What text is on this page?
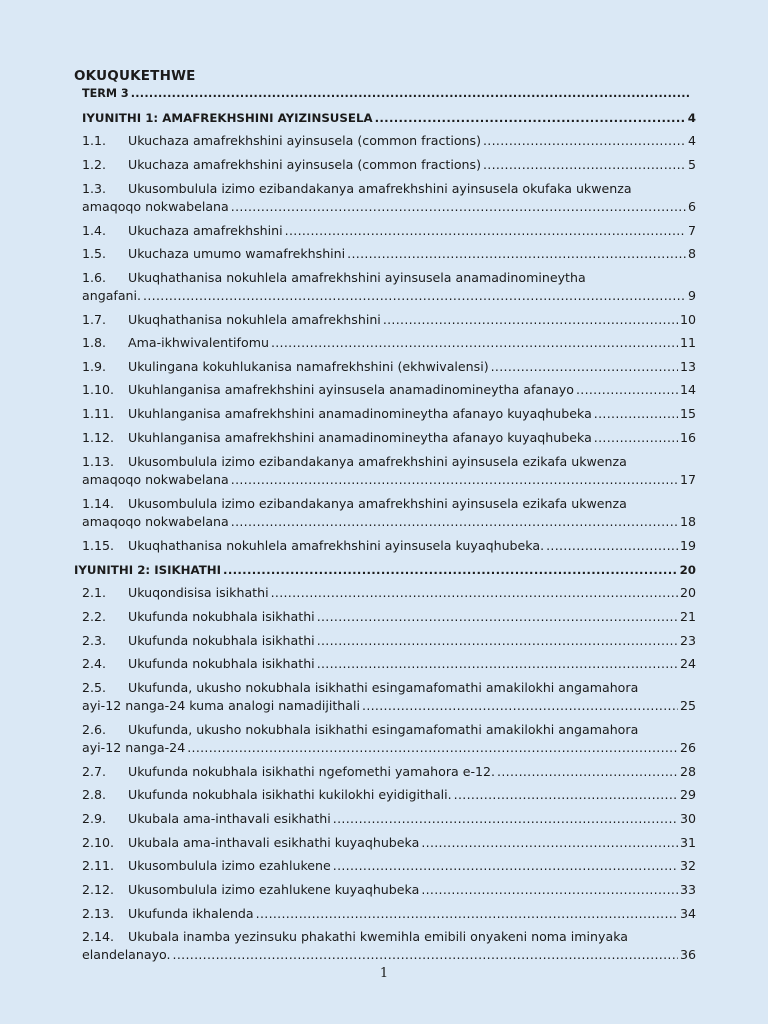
OKUQUKETHWE
TERM 3
.....
IYUNITHI 1: AMAFREKHSHINI AYIZINSUSELA .....	4
1.1.	Ukuchaza amafrekhshini ayinsusela (common fractions) .....	4
1.2.	Ukuchaza amafrekhshini ayinsusela (common fractions) .....	5
1.3. Ukusombulula izimo ezibandakanya amafrekhshini ayinsusela okufaka ukwenza
amaqoqo nokwabelana .....	6
1.4.	Ukuchaza amafrekhshini .....	7
1.5.	Ukuchaza umumo wamafrekhshini .....	8
1.6. Ukuqhathanisa nokuhlela amafrekhshini ayinsusela anamadinomineytha
angafani. .....	9
1.7.	Ukuqhathanisa nokuhlela amafrekhshini .....	10
1.8.	Ama-ikhwivalentifomu .....	11
1.9.	Ukulingana kokuhlukanisa namafrekhshini (ekhwivalensi) .....	13
1.10.	Ukuhlanganisa amafrekhshini ayinsusela anamadinomineytha afanayo .....	14
1.11.	Ukuhlanganisa amafrekhshini anamadinomineytha afanayo kuyaqhubeka .....	15
1.12.	Ukuhlanganisa amafrekhshini anamadinomineytha afanayo kuyaqhubeka .....	16
1.13. Ukusombulula izimo ezibandakanya amafrekhshini ayinsusela ezikafa ukwenza
amaqoqo nokwabelana .....	17
1.14. Ukusombulula izimo ezibandakanya amafrekhshini ayinsusela ezikafa ukwenza
amaqoqo nokwabelana .....	18
1.15.	Ukuqhathanisa nokuhlela amafrekhshini ayinsusela kuyaqhubeka. .....	19
IYUNITHI 2: ISIKHATHI .....	20
2.1.	Ukuqondisisa isikhathi .....	20
2.2.	Ukufunda nokubhala isikhathi .....	21
2.3.	Ukufunda nokubhala isikhathi .....	23
2.4.	Ukufunda nokubhala isikhathi .....	24
2.5. Ukufunda, ukusho nokubhala isikhathi esingamafomathi amakilokhi angamahora
ayi-12 nanga-24 kuma analogi namadijithali .....	25
2.6. Ukufunda, ukusho nokubhala isikhathi esingamafomathi amakilokhi angamahora
ayi-12 nanga-24 .....	26
2.7.	Ukufunda nokubhala isikhathi ngefomethi yamahora e-12. .....	28
2.8.	Ukufunda nokubhala isikhathi kukilokhi eyidigithali. .....	29
2.9.	Ukubala ama-inthavali esikhathi .....	30
2.10.	Ukubala ama-inthavali esikhathi kuyaqhubeka .....	31
2.11.	Ukusombulula izimo ezahlukene .....	32
2.12.	Ukusombulula izimo ezahlukene kuyaqhubeka .....	33
2.13.	Ukufunda ikhalenda .....	34
2.14. Ukubala inamba yezinsuku phakathi kwemihla emibili onyakeni noma iminyaka
elandelanayo. .....	36
1
